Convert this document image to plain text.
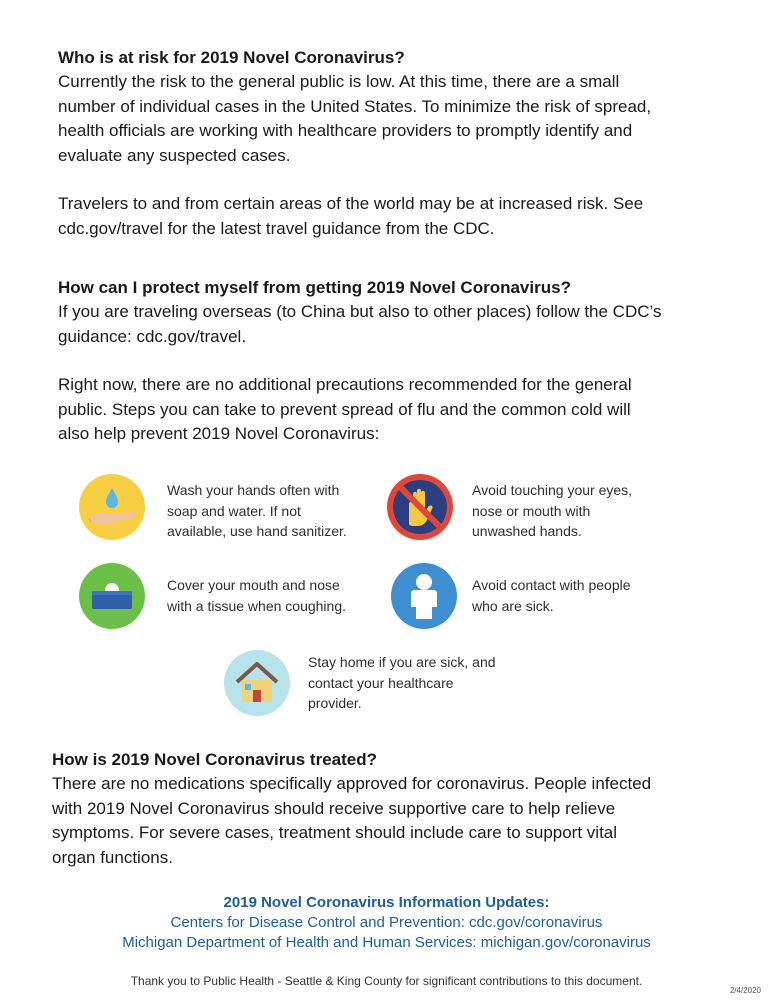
Who is at risk for 2019 Novel Coronavirus?

Currently the risk to the general public is low. At this time, there are a small
number of individual cases in the United States. To minimize the risk of spread,
health officials are working with healthcare providers to promptly identify and
evaluate any suspected cases.

Travelers to and from certain areas of the world may be at increased risk. See
cdc.gov/travel for the latest travel guidance from the CDC.

How can I protect myself from getting 2019 Novel Coronavirus?

If you are traveling overseas (to China but also to other places) follow the CDC’s
guidance: cdc.gov/travel.

Right now, there are no additional precautions recommended for the general
public. Steps you can take to prevent spread of flu and the common cold will
also help prevent 2019 Novel Coronavirus:

Wash your hands often with
soap and water. If not
available, use hand sanitizer.
Avoid touching your eyes,
nose or mouth with
unwashed hands.
Cover your mouth and nose
with a tissue when coughing.
Avoid contact with people
who are sick.
Stay home if you are sick, and
contact your healthcare
provider.
How is 2019 Novel Coronavirus treated?

There are no medications specifically approved for coronavirus. People infected
with 2019 Novel Coronavirus should receive supportive care to help relieve
symptoms. For severe cases, treatment should include care to support vital
organ functions.

2019 Novel Coronavirus Information Updates:
Centers for Disease Control and Prevention: cdc.gov/coronavirus
Michigan Department of Health and Human Services: michigan.gov/coronavirus
Thank you to Public Health - Seattle & King County for significant contributions to this document.
2/4/2020
